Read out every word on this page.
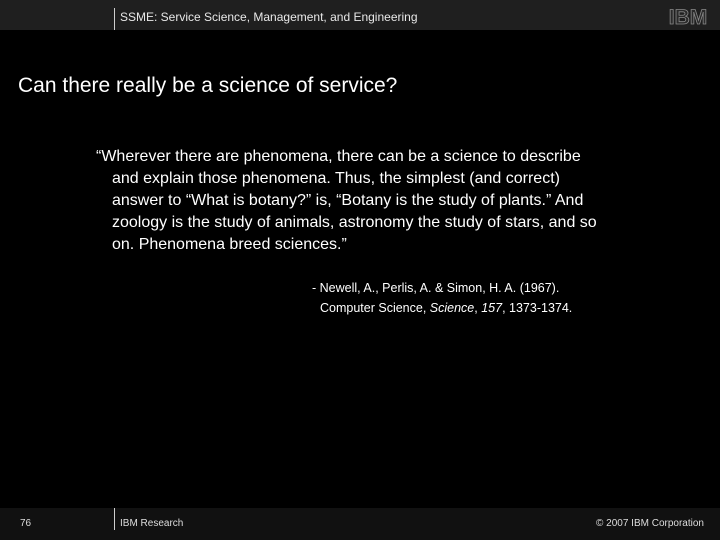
SSME: Service Science, Management, and Engineering	IBM
Can there really be a science of service?
“Wherever there are phenomena, there can be a science to describe
and explain those phenomena. Thus, the simplest (and correct)
answer to “What is botany?” is, “Botany is the study of plants.” And
zoology is the study of animals, astronomy the study of stars, and so
on. Phenomena breed sciences.”
- Newell, A., Perlis, A. & Simon, H. A. (1967).
Computer Science, Science, 157, 1373-1374.
76	IBM Research	© 2007 IBM Corporation
